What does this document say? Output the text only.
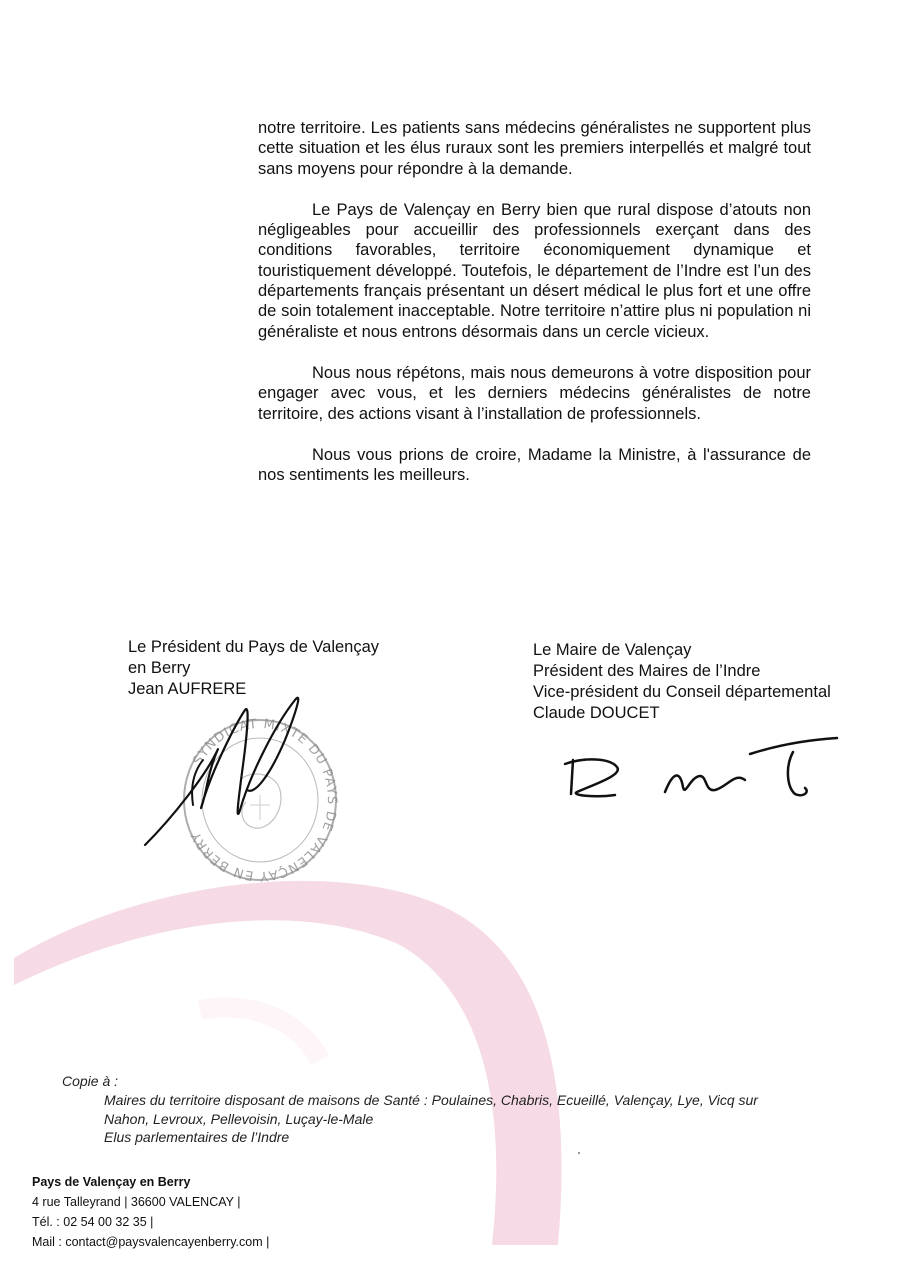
notre territoire. Les patients sans médecins généralistes ne supportent plus cette situation et les élus ruraux sont les premiers interpellés et malgré tout sans moyens pour répondre à la demande.

Le Pays de Valençay en Berry bien que rural dispose d’atouts non négligeables pour accueillir des professionnels exerçant dans des conditions favorables, territoire économiquement dynamique et touristiquement développé. Toutefois, le département de l’Indre est l’un des départements français présentant un désert médical le plus fort et une offre de soin totalement inacceptable. Notre territoire n’attire plus ni population ni généraliste et nous entrons désormais dans un cercle vicieux.

Nous nous répétons, mais nous demeurons à votre disposition pour engager avec vous, et les derniers médecins généralistes de notre territoire, des actions visant à l’installation de professionnels.

Nous vous prions de croire, Madame la Ministre, à l'assurance de nos sentiments les meilleurs.

Le Président du Pays de Valençay
en Berry
Jean AUFRERE
SYNDICAT MIXTE DU PAYS DE VALENÇAY EN BERRY
Le Maire de Valençay
Président des Maires de l’Indre
Vice-président du Conseil départemental
Claude DOUCET
Copie à :
Maires du territoire disposant de maisons de Santé : Poulaines, Chabris, Ecueillé, Valençay, Lye, Vicq sur Nahon, Levroux, Pellevoisin, Luçay-le-Male
Elus parlementaires de l’Indre
Pays de Valençay en Berry
4 rue Talleyrand | 36600 VALENCAY |
Tél. : 02 54 00 32 35 |
Mail : contact@paysvalencayenberry.com |
